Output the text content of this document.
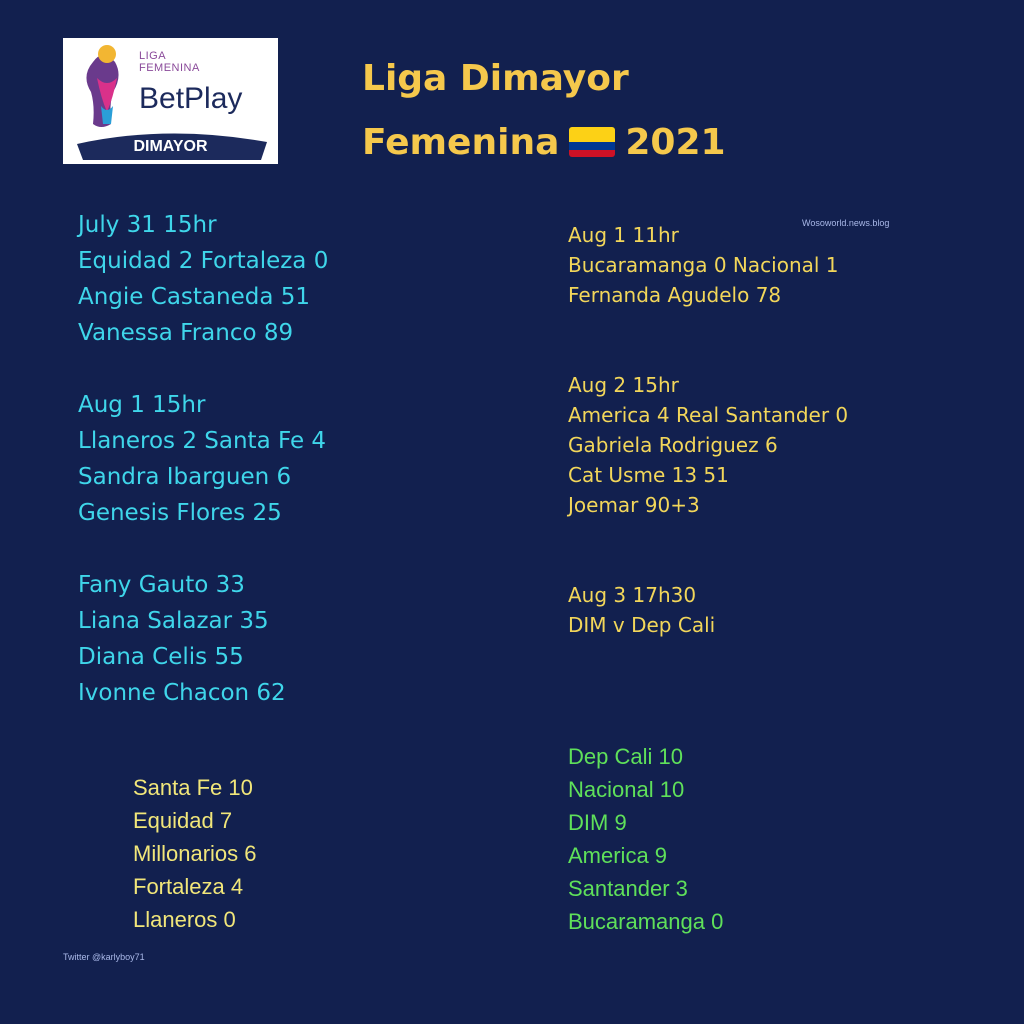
LIGA
FEMENINA
BetPlay
DIMAYOR
Liga Dimayor
Femenina 2021
Wosoworld.news.blog
Twitter @karlyboy71
July 31 15hr
Equidad 2 Fortaleza 0
Angie Castaneda 51
Vanessa Franco 89
Aug 1 15hr
Llaneros 2 Santa Fe 4
Sandra Ibarguen 6
Genesis Flores 25
Fany Gauto 33
Liana Salazar 35
Diana Celis 55
Ivonne Chacon 62
Aug 1 11hr
Bucaramanga 0 Nacional 1
Fernanda Agudelo 78
Aug 2 15hr
America 4 Real Santander 0
Gabriela Rodriguez 6
Cat Usme 13 51
Joemar 90+3
Aug 3 17h30
DIM v Dep Cali
Santa Fe 10
Equidad 7
Millonarios 6
Fortaleza 4
Llaneros 0
Dep Cali 10
Nacional 10
DIM 9
America 9
Santander 3
Bucaramanga 0
